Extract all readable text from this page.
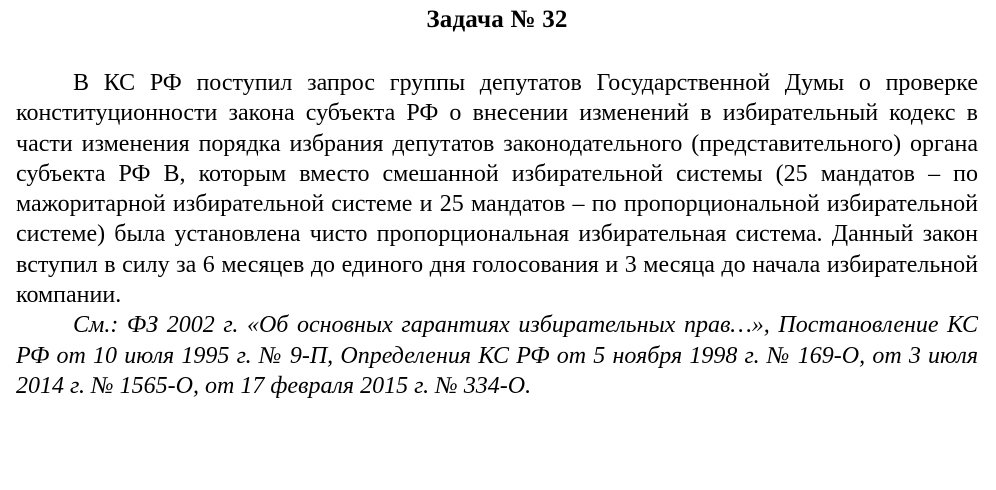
Задача № 32

В КС РФ поступил запрос группы депутатов Государственной Думы о проверке конституционности закона субъекта РФ о внесении изменений в избирательный кодекс в части изменения порядка избрания депутатов законодательного (представительного) органа субъекта РФ В, которым вместо смешанной избирательной системы (25 мандатов – по мажоритарной избирательной системе и 25 мандатов – по пропорциональной избирательной системе) была установлена чисто пропорциональная избирательная система. Данный закон вступил в силу за 6 месяцев до единого дня голосования и 3 месяца до начала избирательной компании.

См.: ФЗ 2002 г. «Об основных гарантиях избирательных прав…», Постановление КС РФ от 10 июля 1995 г. № 9-П, Определения КС РФ от 5 ноября 1998 г. № 169-О, от 3 июля 2014 г. № 1565-О, от 17 февраля 2015 г. № 334-О.
